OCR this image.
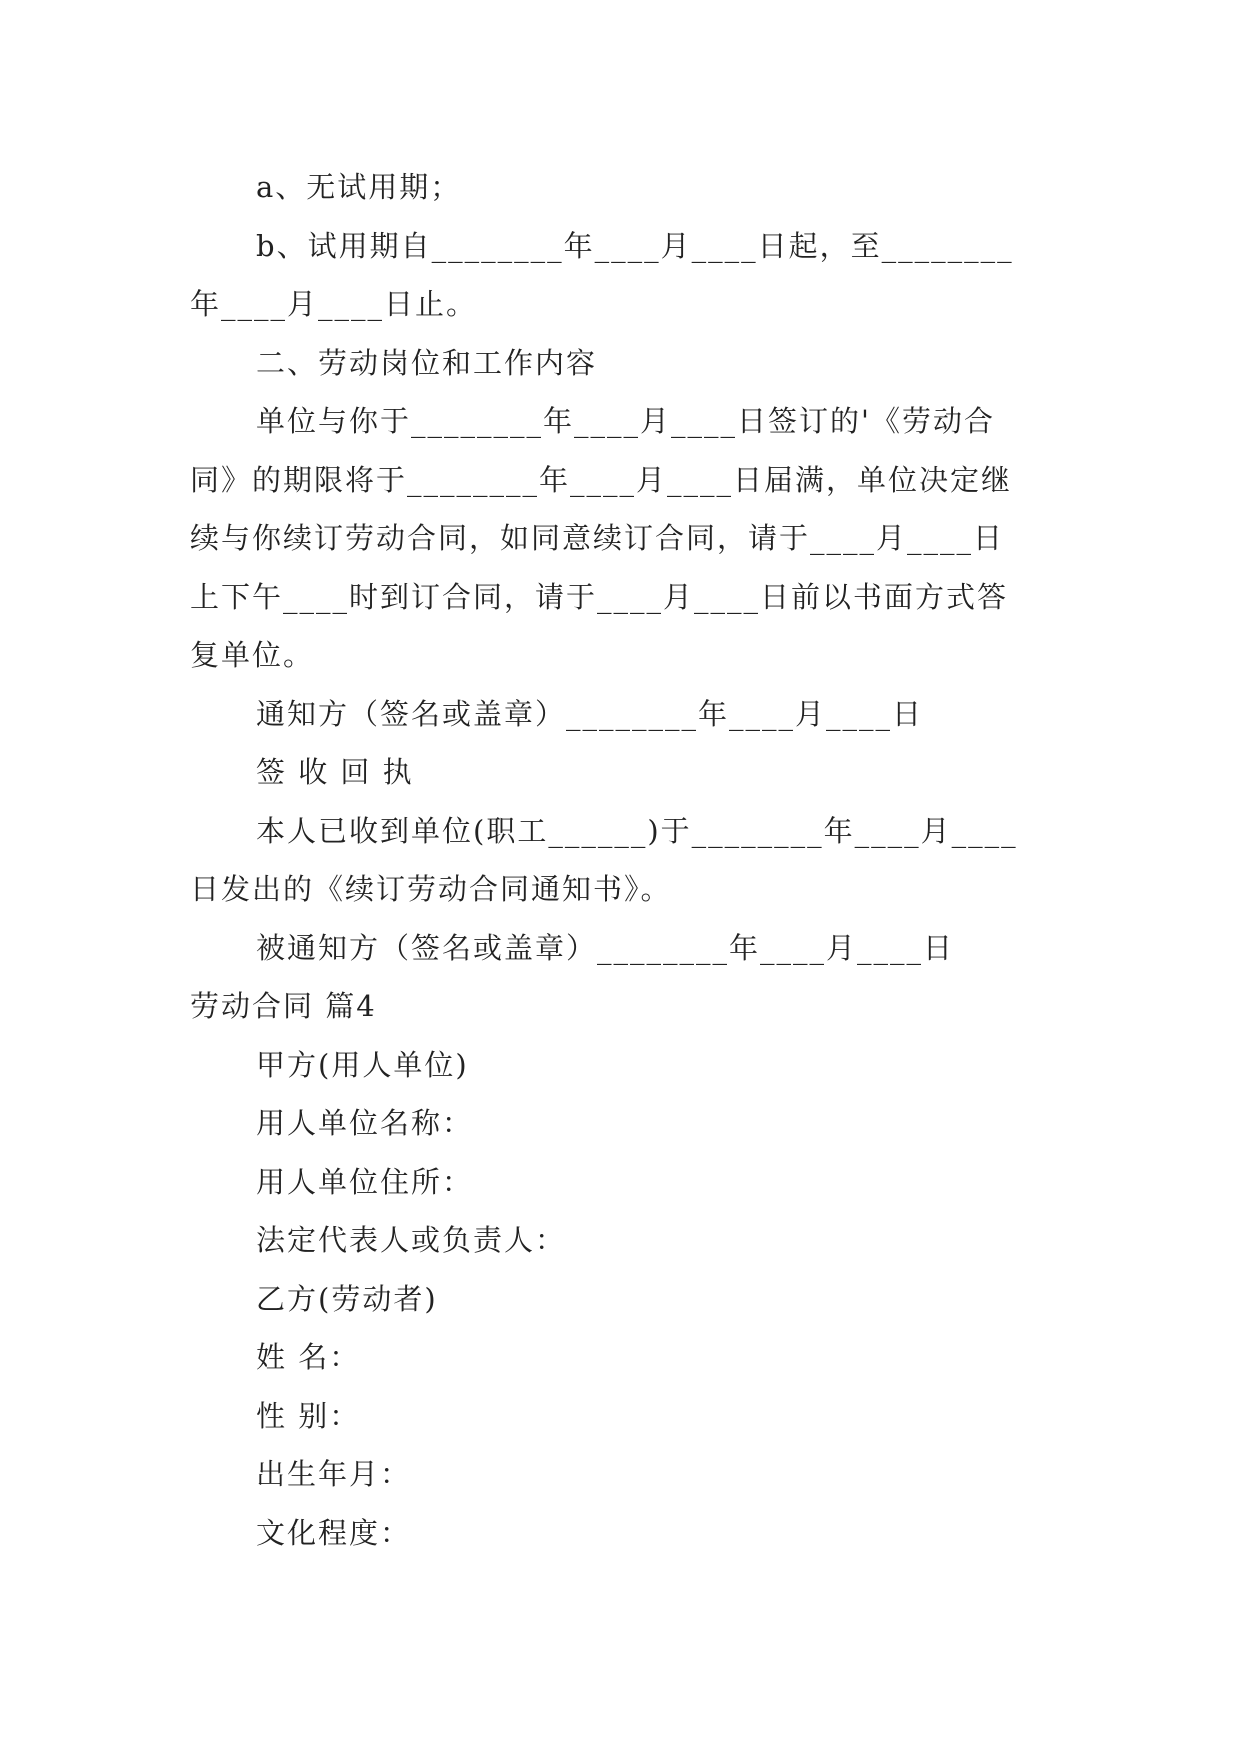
a、无试用期；
b、试用期自________年____月____日起，至________
年____月____日止。
二、劳动岗位和工作内容
单位与你于________年____月____日签订的'《劳动合
同》的期限将于________年____月____日届满，单位决定继
续与你续订劳动合同，如同意续订合同，请于____月____日
上下午____时到订合同，请于____月____日前以书面方式答
复单位。
通知方（签名或盖章）________年____月____日
签 收 回 执
本人已收到单位(职工______)于________年____月____
日发出的《续订劳动合同通知书》。
被通知方（签名或盖章）________年____月____日
劳动合同 篇4
甲方(用人单位)
用人单位名称：
用人单位住所：
法定代表人或负责人：
乙方(劳动者)
姓 名：
性 别：
出生年月：
文化程度：
